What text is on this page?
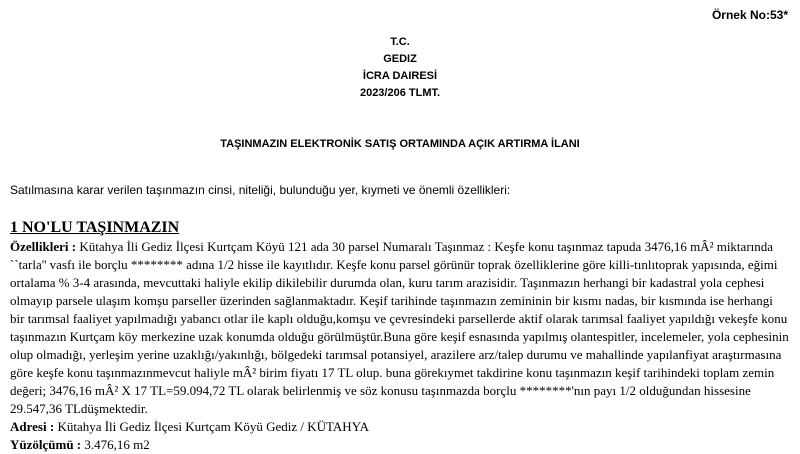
Örnek No:53*
T.C.
GEDIZ
İCRA DAIRESİ
2023/206 TLMT.
TAŞINMAZIN ELEKTRONİK SATIŞ ORTAMINDA AÇIK ARTIRMA İLANI
Satılmasına karar verilen taşınmazın cinsi, niteliği, bulunduğu yer, kıymeti ve önemli özellikleri:
1 NO'LU TAŞINMAZIN

Özellikleri : Kütahya İli Gediz İlçesi Kurtçam Köyü 121 ada 30 parsel Numaralı Taşınmaz : Keşfe konu taşınmaz tapuda 3476,16 mÂ² miktarında ``tarla'' vasfı ile borçlu ******** adına 1/2 hisse ile kayıtlıdır. Keşfe konu parsel görünür toprak özelliklerine göre killi-tınlıtoprak yapısında, eğimi ortalama % 3-4 arasında, mevcuttaki haliyle ekilip dikilebilir durumda olan, kuru tarım arazisidir. Taşınmazın herhangi bir kadastral yola cephesi olmayıp parsele ulaşım komşu parseller üzerinden sağlanmaktadır. Keşif tarihinde taşınmazın zemininin bir kısmı nadas, bir kısmında ise herhangi bir tarımsal faaliyet yapılmadığı yabancı otlar ile kaplı olduğu,komşu ve çevresindeki parsellerde aktif olarak tarımsal faaliyet yapıldığı vekeşfe konu taşınmazın Kurtçam köy merkezine uzak konumda olduğu görülmüştür.Buna göre keşif esnasında yapılmış olantespitler, incelemeler, yola cephesinin olup olmadığı, yerleşim yerine uzaklığı/yakınlığı, bölgedeki tarımsal potansiyel, arazilere arz/talep durumu ve mahallinde yapılanfiyat araştırmasına göre keşfe konu taşınmazınmevcut haliyle mÂ² birim fiyatı 17 TL olup. buna görekıymet takdirine konu taşınmazın keşif tarihindeki toplam zemin değeri; 3476,16 mÂ² X 17 TL=59.094,72 TL olarak belirlenmiş ve söz konusu taşınmazda borçlu ********'nın payı 1/2 olduğundan hissesine 29.547,36 TLdüşmektedir.

Adresi : Kütahya İli Gediz İlçesi Kurtçam Köyü Gediz / KÜTAHYA

Yüzölçümü : 3.476,16 m2
